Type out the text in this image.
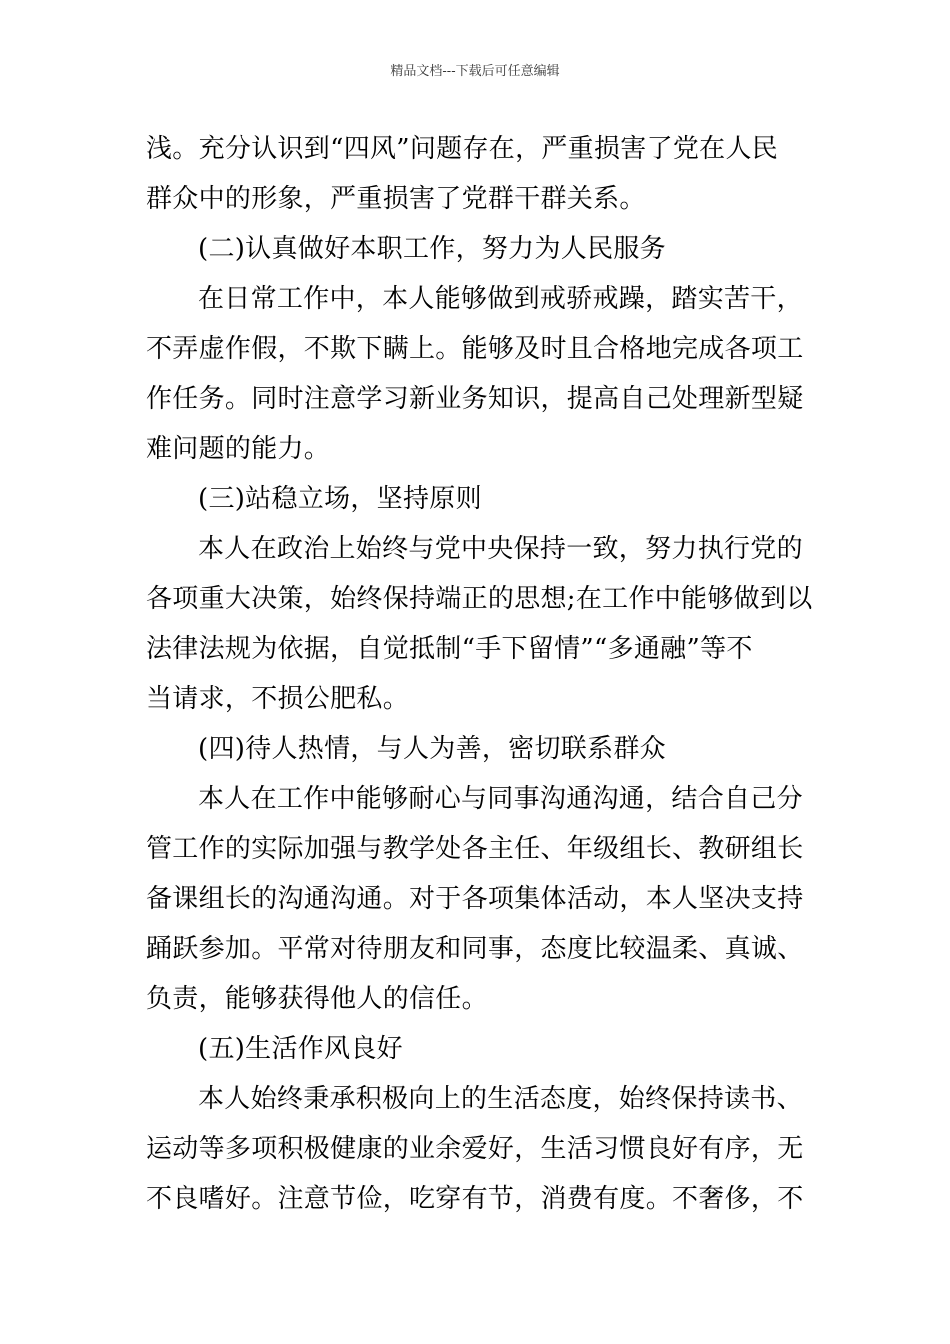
精品文档---下载后可任意编辑
浅。充分认识到“四风”问题存在，严重损害了党在人民
群众中的形象，严重损害了党群干群关系。
(二)认真做好本职工作，努力为人民服务
在日常工作中，本人能够做到戒骄戒躁，踏实苦干，
不弄虚作假，不欺下瞒上。能够及时且合格地完成各项工
作任务。同时注意学习新业务知识，提高自己处理新型疑
难问题的能力。
(三)站稳立场，坚持原则
本人在政治上始终与党中央保持一致，努力执行党的
各项重大决策，始终保持端正的思想;在工作中能够做到以
法律法规为依据，自觉抵制“手下留情”“多通融”等不
当请求，不损公肥私。
(四)待人热情，与人为善，密切联系群众
本人在工作中能够耐心与同事沟通沟通，结合自己分
管工作的实际加强与教学处各主任、年级组长、教研组长
备课组长的沟通沟通。对于各项集体活动，本人坚决支持
踊跃参加。平常对待朋友和同事，态度比较温柔、真诚、
负责，能够获得他人的信任。
(五)生活作风良好
本人始终秉承积极向上的生活态度，始终保持读书、
运动等多项积极健康的业余爱好，生活习惯良好有序，无
不良嗜好。注意节俭，吃穿有节，消费有度。不奢侈，不
